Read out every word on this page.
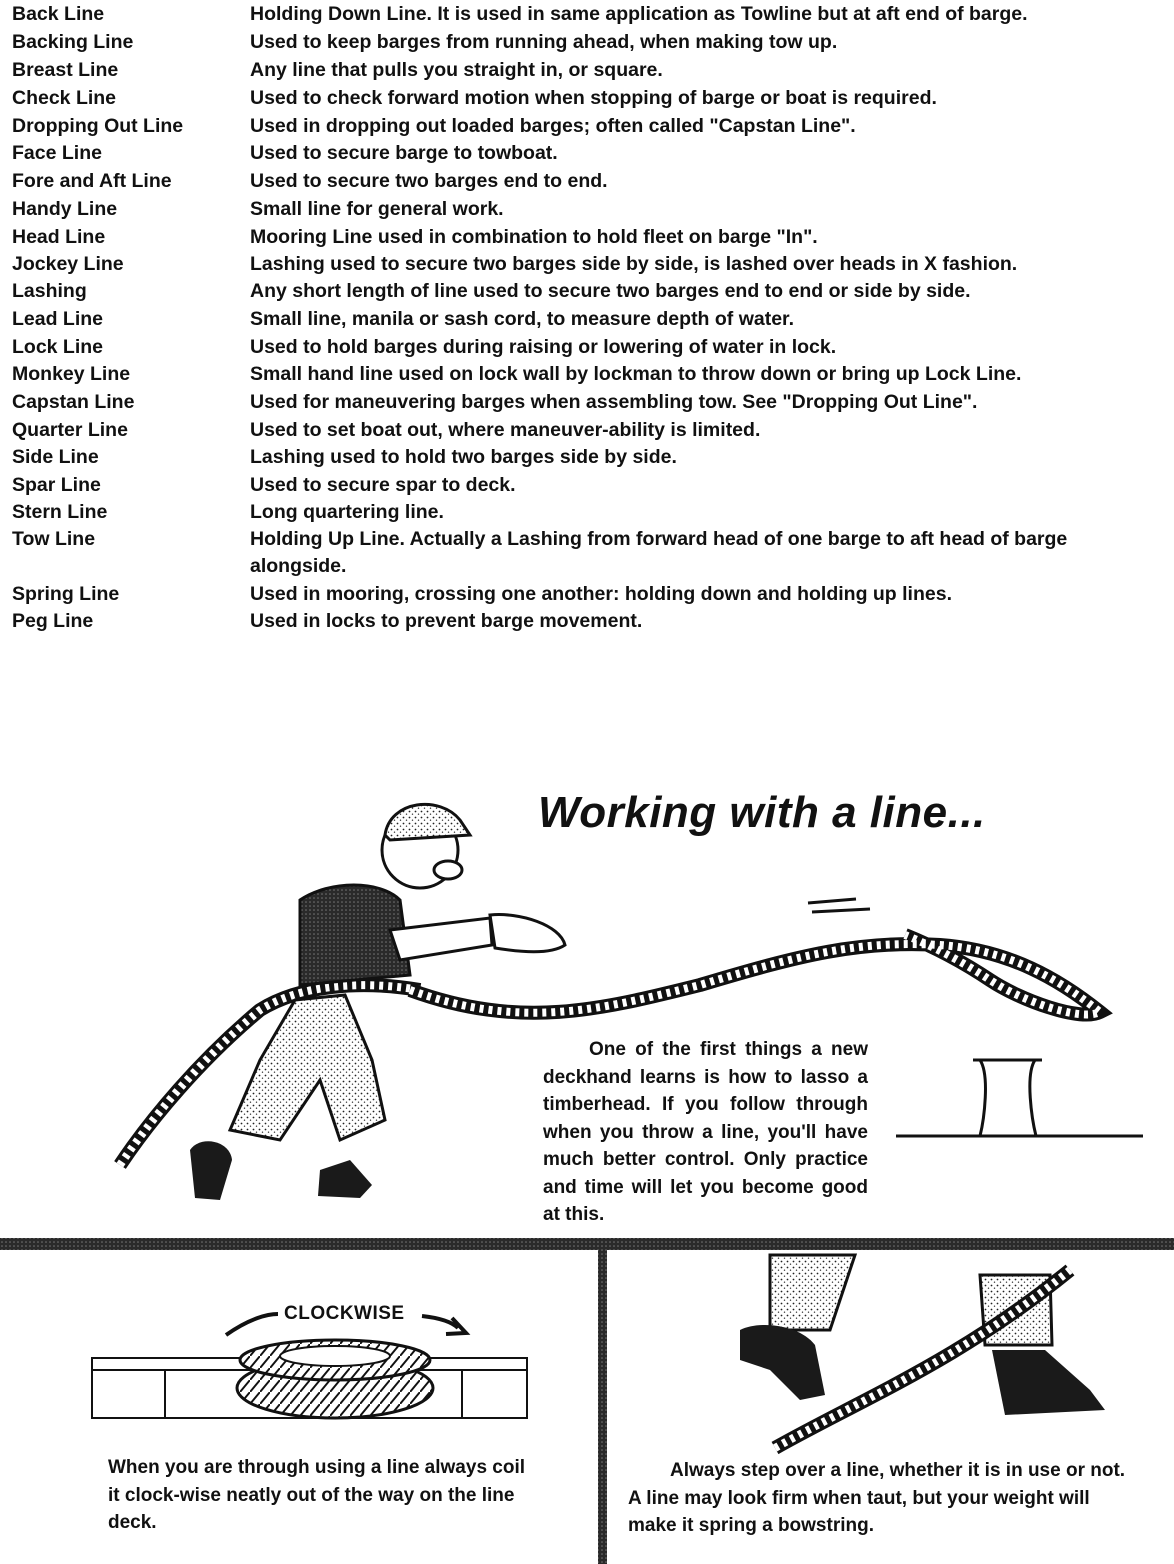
Back Line	Holding Down Line. It is used in same application as Towline but at aft end of barge.
Backing Line	Used to keep barges from running ahead, when making tow up.
Breast Line	Any line that pulls you straight in, or square.
Check Line	Used to check forward motion when stopping of barge or boat is required.
Dropping Out Line	Used in dropping out loaded barges; often called "Capstan Line".
Face Line	Used to secure barge to towboat.
Fore and Aft Line	Used to secure two barges end to end.
Handy Line	Small line for general work.
Head Line	Mooring Line used in combination to hold fleet on barge "In".
Jockey Line	Lashing used to secure two barges side by side, is lashed over heads in X fashion.
Lashing	Any short length of line used to secure two barges end to end or side by side.
Lead Line	Small line, manila or sash cord, to measure depth of water.
Lock Line	Used to hold barges during raising or lowering of water in lock.
Monkey Line	Small hand line used on lock wall by lockman to throw down or bring up Lock Line.
Capstan Line	Used for maneuvering barges when assembling tow. See "Dropping Out Line".
Quarter Line	Used to set boat out, where maneuver-ability is limited.
Side Line	Lashing used to hold two barges side by side.
Spar Line	Used to secure spar to deck.
Stern Line	Long quartering line.
Tow Line	Holding Up Line. Actually a Lashing from forward head of one barge to aft head of barge alongside.
Spring Line	Used in mooring, crossing one another: holding down and holding up lines.
Peg Line	Used in locks to prevent barge movement.
Working with a line...
One of the first things a new deckhand learns is how to lasso a timberhead. If you follow through when you throw a line, you'll have much better control. Only practice and time will let you become good at this.
CLOCKWISE
When you are through using a line always coil it clock-wise neatly out of the way on the line deck.
Always step over a line, whether it is in use or not. A line may look firm when taut, but your weight will make it spring a bowstring.
